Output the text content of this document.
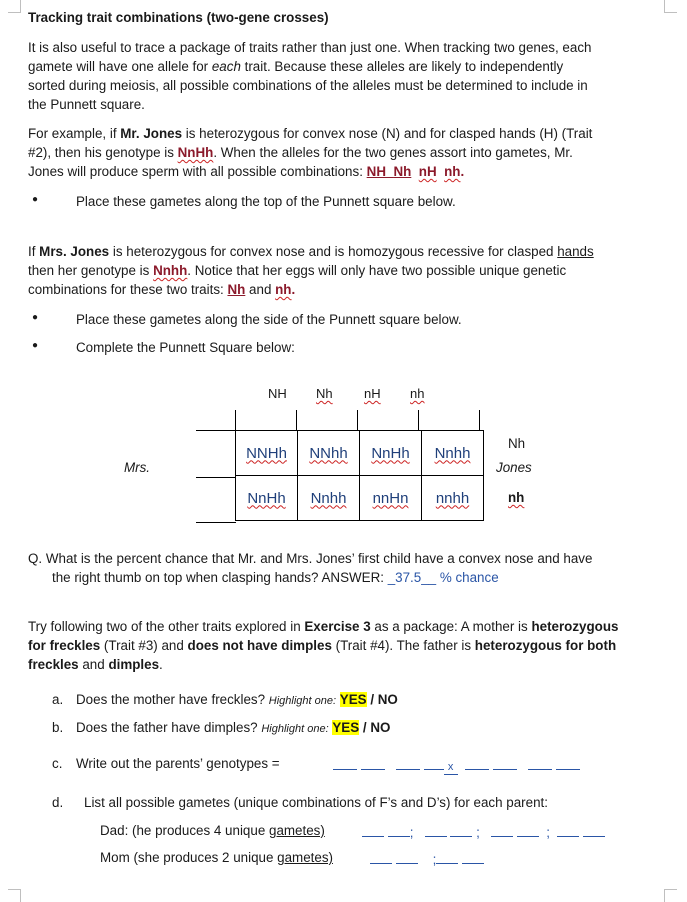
Tracking trait combinations (two-gene crosses)
It is also useful to trace a package of traits rather than just one. When tracking two genes, each
gamete will have one allele for each trait. Because these alleles are likely to independently
sorted during meiosis, all possible combinations of the alleles must be determined to include in
the Punnett square.
For example, if Mr. Jones is heterozygous for convex nose (N) and for clasped hands (H) (Trait
#2), then his genotype is NnHh. When the alleles for the two genes assort into gametes, Mr.
Jones will produce sperm with all possible combinations: NH Nh nH nh.
●	Place these gametes along the top of the Punnett square below.
If Mrs. Jones is heterozygous for convex nose and is homozygous recessive for clasped hands
then her genotype is Nnhh. Notice that her eggs will only have two possible unique genetic
combinations for these two traits: Nh and nh.
●	Place these gametes along the side of the Punnett square below.
●	Complete the Punnett Square below:
NH Nh nH nh
NNHh	NNhh	NnHh	Nnhh
NnHh	Nnhh	nnHn	nnhh
Mrs.
Nh
Jones
nh
Q. What is the percent chance that Mr. and Mrs. Jones’ first child have a convex nose and have
the right thumb on top when clasping hands? ANSWER: _37.5__ % chance
Try following two of the other traits explored in Exercise 3 as a package: A mother is heterozygous
for freckles (Trait #3) and does not have dimples (Trait #4). The father is heterozygous for both
freckles and dimples.
a. Does the mother have freckles? Highlight one: YES / NO
b. Does the father have dimples? Highlight one: YES / NO
c. Write out the parents’ genotypes =	x
d. List all possible gametes (unique combinations of F’s and D’s) for each parent:
Dad: (he produces 4 unique gametes)	;	;	;
Mom (she produces 2 unique gametes)	;
